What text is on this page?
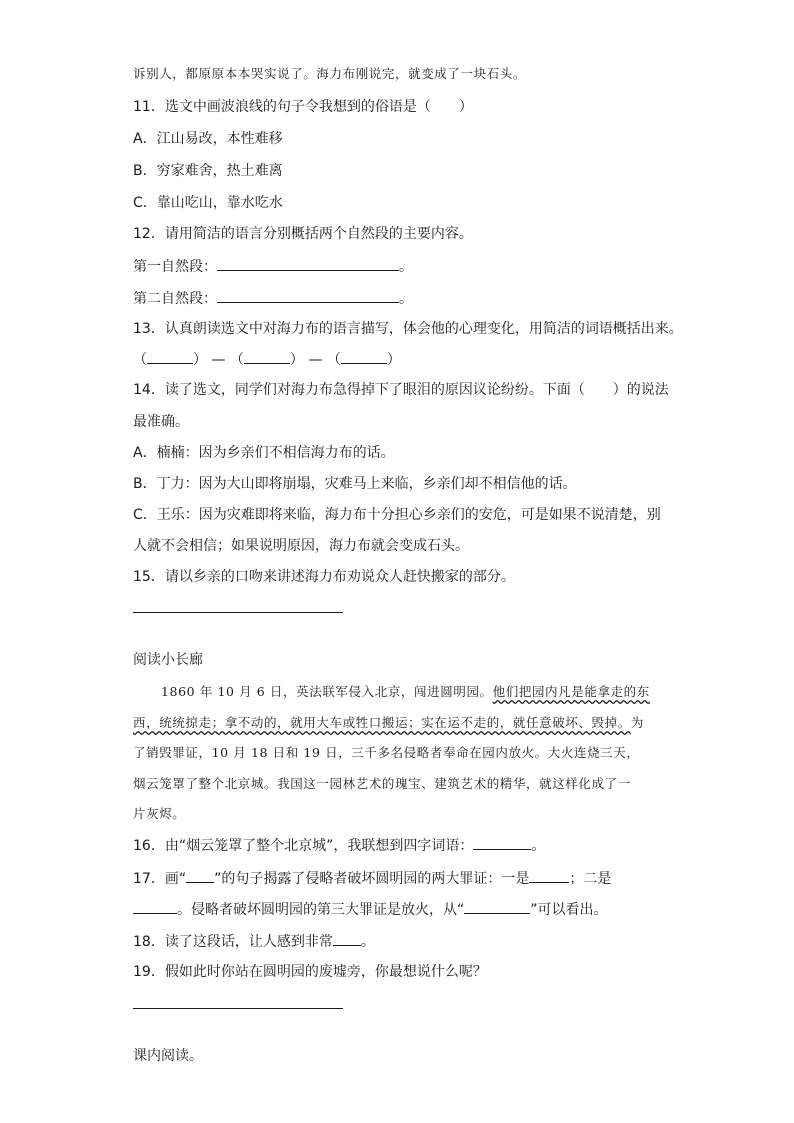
诉别人，都原原本本哭实说了。海力布刚说完，就变成了一块石头。
11．选文中画波浪线的句子令我想到的俗语是（　　）
A．江山易改，本性难移
B．穷家难舍，热土难离
C．靠山吃山，靠水吃水
12．请用简洁的语言分别概括两个自然段的主要内容。
第一自然段：	。
第二自然段：	。
13．认真朗读选文中对海力布的语言描写，体会他的心理变化，用简洁的词语概括出来。
（	） — （	） — （	）
14．读了选文，同学们对海力布急得掉下了眼泪的原因议论纷纷。下面（　　）的说法
最准确。
A．楠楠：因为乡亲们不相信海力布的话。
B．丁力：因为大山即将崩塌，灾难马上来临，乡亲们却不相信他的话。
C．王乐：因为灾难即将来临，海力布十分担心乡亲们的安危，可是如果不说清楚，别
人就不会相信；如果说明原因，海力布就会变成石头。
15．请以乡亲的口吻来讲述海力布劝说众人赶快搬家的部分。
阅读小长廊
1860 年 10 月 6 日，英法联军侵入北京，闯进圆明园。他们把园内凡是能拿走的东
西，统统掠走；拿不动的，就用大车或牲口搬运；实在运不走的，就任意破坏、毁掉。为
了销毁罪证，10 月 18 日和 19 日，三千多名侵略者奉命在园内放火。大火连烧三天，
烟云笼罩了整个北京城。我国这一园林艺术的瑰宝、建筑艺术的精华，就这样化成了一
片灰烬。
16．由“烟云笼罩了整个北京城”，我联想到四字词语：	。
17．画“ ”的句子揭露了侵略者破坏圆明园的两大罪证：一是	；二是
。侵略者破坏圆明园的第三大罪证是放火，从“	”可以看出。
18．读了这段话，让人感到非常 。
19．假如此时你站在圆明园的废墟旁，你最想说什么呢？
课内阅读。
